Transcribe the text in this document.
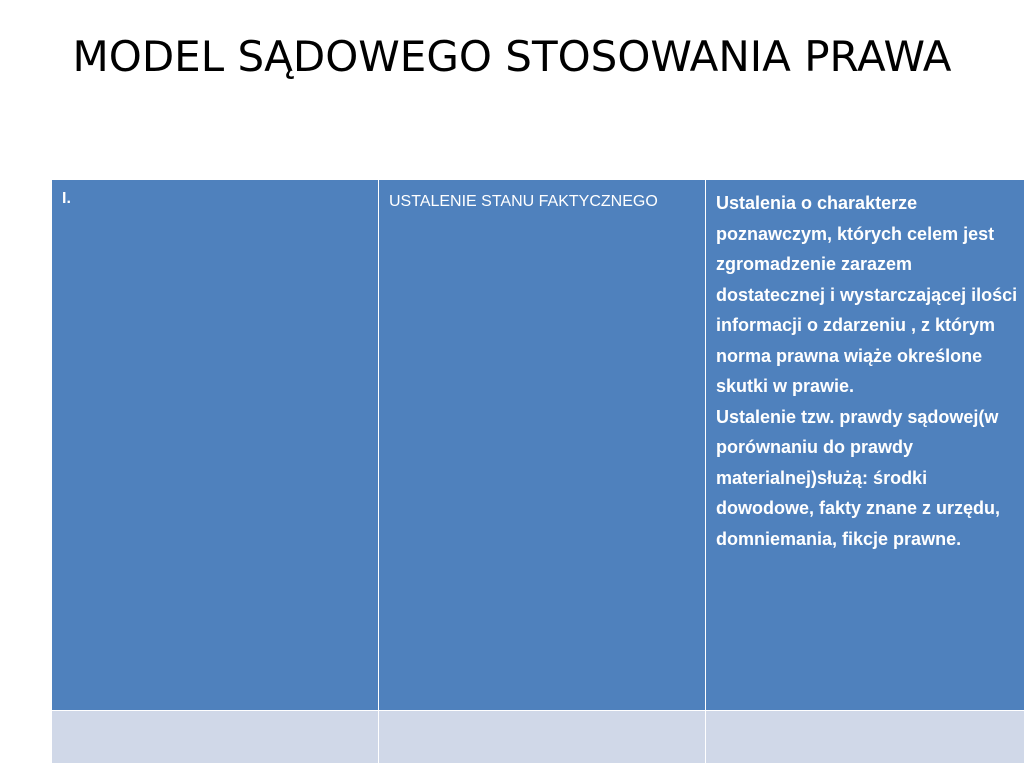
MODEL SĄDOWEGO STOSOWANIA PRAWA
I.	USTALENIE STANU FAKTYCZNEGO	Ustalenia o charakterze poznawczym, których celem jest zgromadzenie zarazem dostatecznej i wystarczającej ilości informacji o zdarzeniu , z którym norma prawna wiąże określone skutki w prawie.

Ustalenie tzw. prawdy sądowej(w porównaniu do prawdy materialnej)służą: środki dowodowe, fakty znane z urzędu, domniemania, fikcje prawne.
